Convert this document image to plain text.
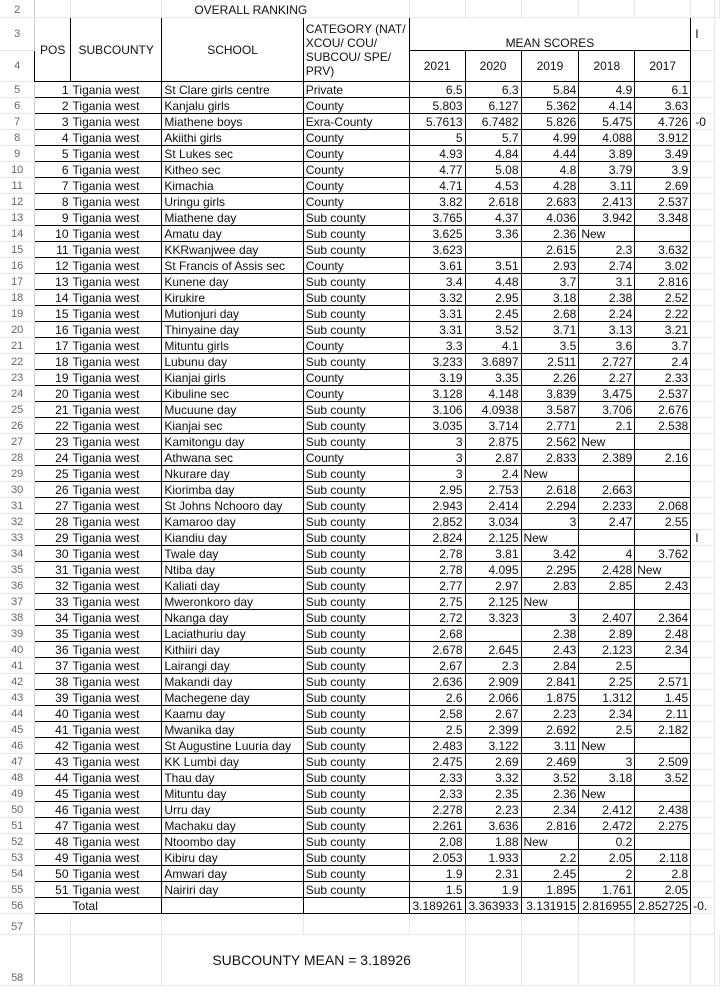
2			OVERALL RANKING								
3	POS	SUBCOUNTY	SCHOOL	CATEGORY (NAT/ XCOU/ COU/ SUBCOU/ SPE/ PRV)	MEAN SCORES					I	
4					2021	2020	2019	2018	2017		
5	1	Tigania west	St Clare girls centre	Private	6.5	6.3	5.84	4.9	6.1		
6	2	Tigania west	Kanjalu girls	County	5.803	6.127	5.362	4.14	3.63		
7	3	Tigania west	Miathene boys	Exra-County	5.7613	6.7482	5.826	5.475	4.726	-0	
8	4	Tigania west	Akiithi girls	County	5	5.7	4.99	4.088	3.912		
9	5	Tigania west	St Lukes sec	County	4.93	4.84	4.44	3.89	3.49		
10	6	Tigania west	Kitheo sec	County	4.77	5.08	4.8	3.79	3.9		
11	7	Tigania west	Kimachia	County	4.71	4.53	4.28	3.11	2.69		
12	8	Tigania west	Uringu girls	County	3.82	2.618	2.683	2.413	2.537		
13	9	Tigania west	Miathene day	Sub county	3.765	4.37	4.036	3.942	3.348		
14	10	Tigania west	Amatu day	Sub county	3.625	3.36	2.36	New			
15	11	Tigania west	KKRwanjwee day	Sub county	3.623		2.615	2.3	3.632		
16	12	Tigania west	St Francis of Assis sec	County	3.61	3.51	2.93	2.74	3.02		
17	13	Tigania west	Kunene day	Sub county	3.4	4.48	3.7	3.1	2.816		
18	14	Tigania west	Kirukire	Sub county	3.32	2.95	3.18	2.38	2.52		
19	15	Tigania west	Mutionjuri day	Sub county	3.31	2.45	2.68	2.24	2.22		
20	16	Tigania west	Thinyaine day	Sub county	3.31	3.52	3.71	3.13	3.21		
21	17	Tigania west	Mituntu girls	County	3.3	4.1	3.5	3.6	3.7		
22	18	Tigania west	Lubunu day	Sub county	3.233	3.6897	2.511	2.727	2.4		
23	19	Tigania west	Kianjai girls	County	3.19	3.35	2.26	2.27	2.33		
24	20	Tigania west	Kibuline sec	County	3.128	4.148	3.839	3.475	2.537		
25	21	Tigania west	Mucuune day	Sub county	3.106	4.0938	3.587	3.706	2.676		
26	22	Tigania west	Kianjai sec	Sub county	3.035	3.714	2.771	2.1	2.538		
27	23	Tigania west	Kamitongu day	Sub county	3	2.875	2.562	New			
28	24	Tigania west	Athwana sec	County	3	2.87	2.833	2.389	2.16		
29	25	Tigania west	Nkurare day	Sub county	3	2.4	New				
30	26	Tigania west	Kiorimba day	Sub county	2.95	2.753	2.618	2.663			
31	27	Tigania west	St Johns Nchooro day	Sub county	2.943	2.414	2.294	2.233	2.068		
32	28	Tigania west	Kamaroo day	Sub county	2.852	3.034	3	2.47	2.55		
33	29	Tigania west	Kiandiu day	Sub county	2.824	2.125	New			I	
34	30	Tigania west	Twale day	Sub county	2.78	3.81	3.42	4	3.762		
35	31	Tigania west	Ntiba day	Sub county	2.78	4.095	2.295	2.428	New		
36	32	Tigania west	Kaliati day	Sub county	2.77	2.97	2.83	2.85	2.43		
37	33	Tigania west	Mweronkoro day	Sub county	2.75	2.125	New				
38	34	Tigania west	Nkanga day	Sub county	2.72	3.323	3	2.407	2.364		
39	35	Tigania west	Laciathuriu day	Sub county	2.68		2.38	2.89	2.48		
40	36	Tigania west	Kithiiri day	Sub county	2.678	2.645	2.43	2.123	2.34		
41	37	Tigania west	Lairangi day	Sub county	2.67	2.3	2.84	2.5			
42	38	Tigania west	Makandi day	Sub county	2.636	2.909	2.841	2.25	2.571		
43	39	Tigania west	Machegene day	Sub county	2.6	2.066	1.875	1.312	1.45		
44	40	Tigania west	Kaamu day	Sub county	2.58	2.67	2.23	2.34	2.11		
45	41	Tigania west	Mwanika day	Sub county	2.5	2.399	2.692	2.5	2.182		
46	42	Tigania west	St Augustine Luuria day	Sub county	2.483	3.122	3.11	New			
47	43	Tigania west	KK Lumbi day	Sub county	2.475	2.69	2.469	3	2.509		
48	44	Tigania west	Thau day	Sub county	2.33	3.32	3.52	3.18	3.52		
49	45	Tigania west	Mituntu day	Sub county	2.33	2.35	2.36	New			
50	46	Tigania west	Urru day	Sub county	2.278	2.23	2.34	2.412	2.438		
51	47	Tigania west	Machaku day	Sub county	2.261	3.636	2.816	2.472	2.275		
52	48	Tigania west	Ntoombo day	Sub county	2.08	1.88	New	0.2			
53	49	Tigania west	Kibiru day	Sub county	2.053	1.933	2.2	2.05	2.118		
54	50	Tigania west	Amwari day	Sub county	1.9	2.31	2.45	2	2.8		
55	51	Tigania west	Nairiri day	Sub county	1.5	1.9	1.895	1.761	2.05		
56		Total			3.189261	3.363933	3.131915	2.816955	2.852725	-0.	
57											
58			SUBCOUNTY MEAN = 3.18926								
